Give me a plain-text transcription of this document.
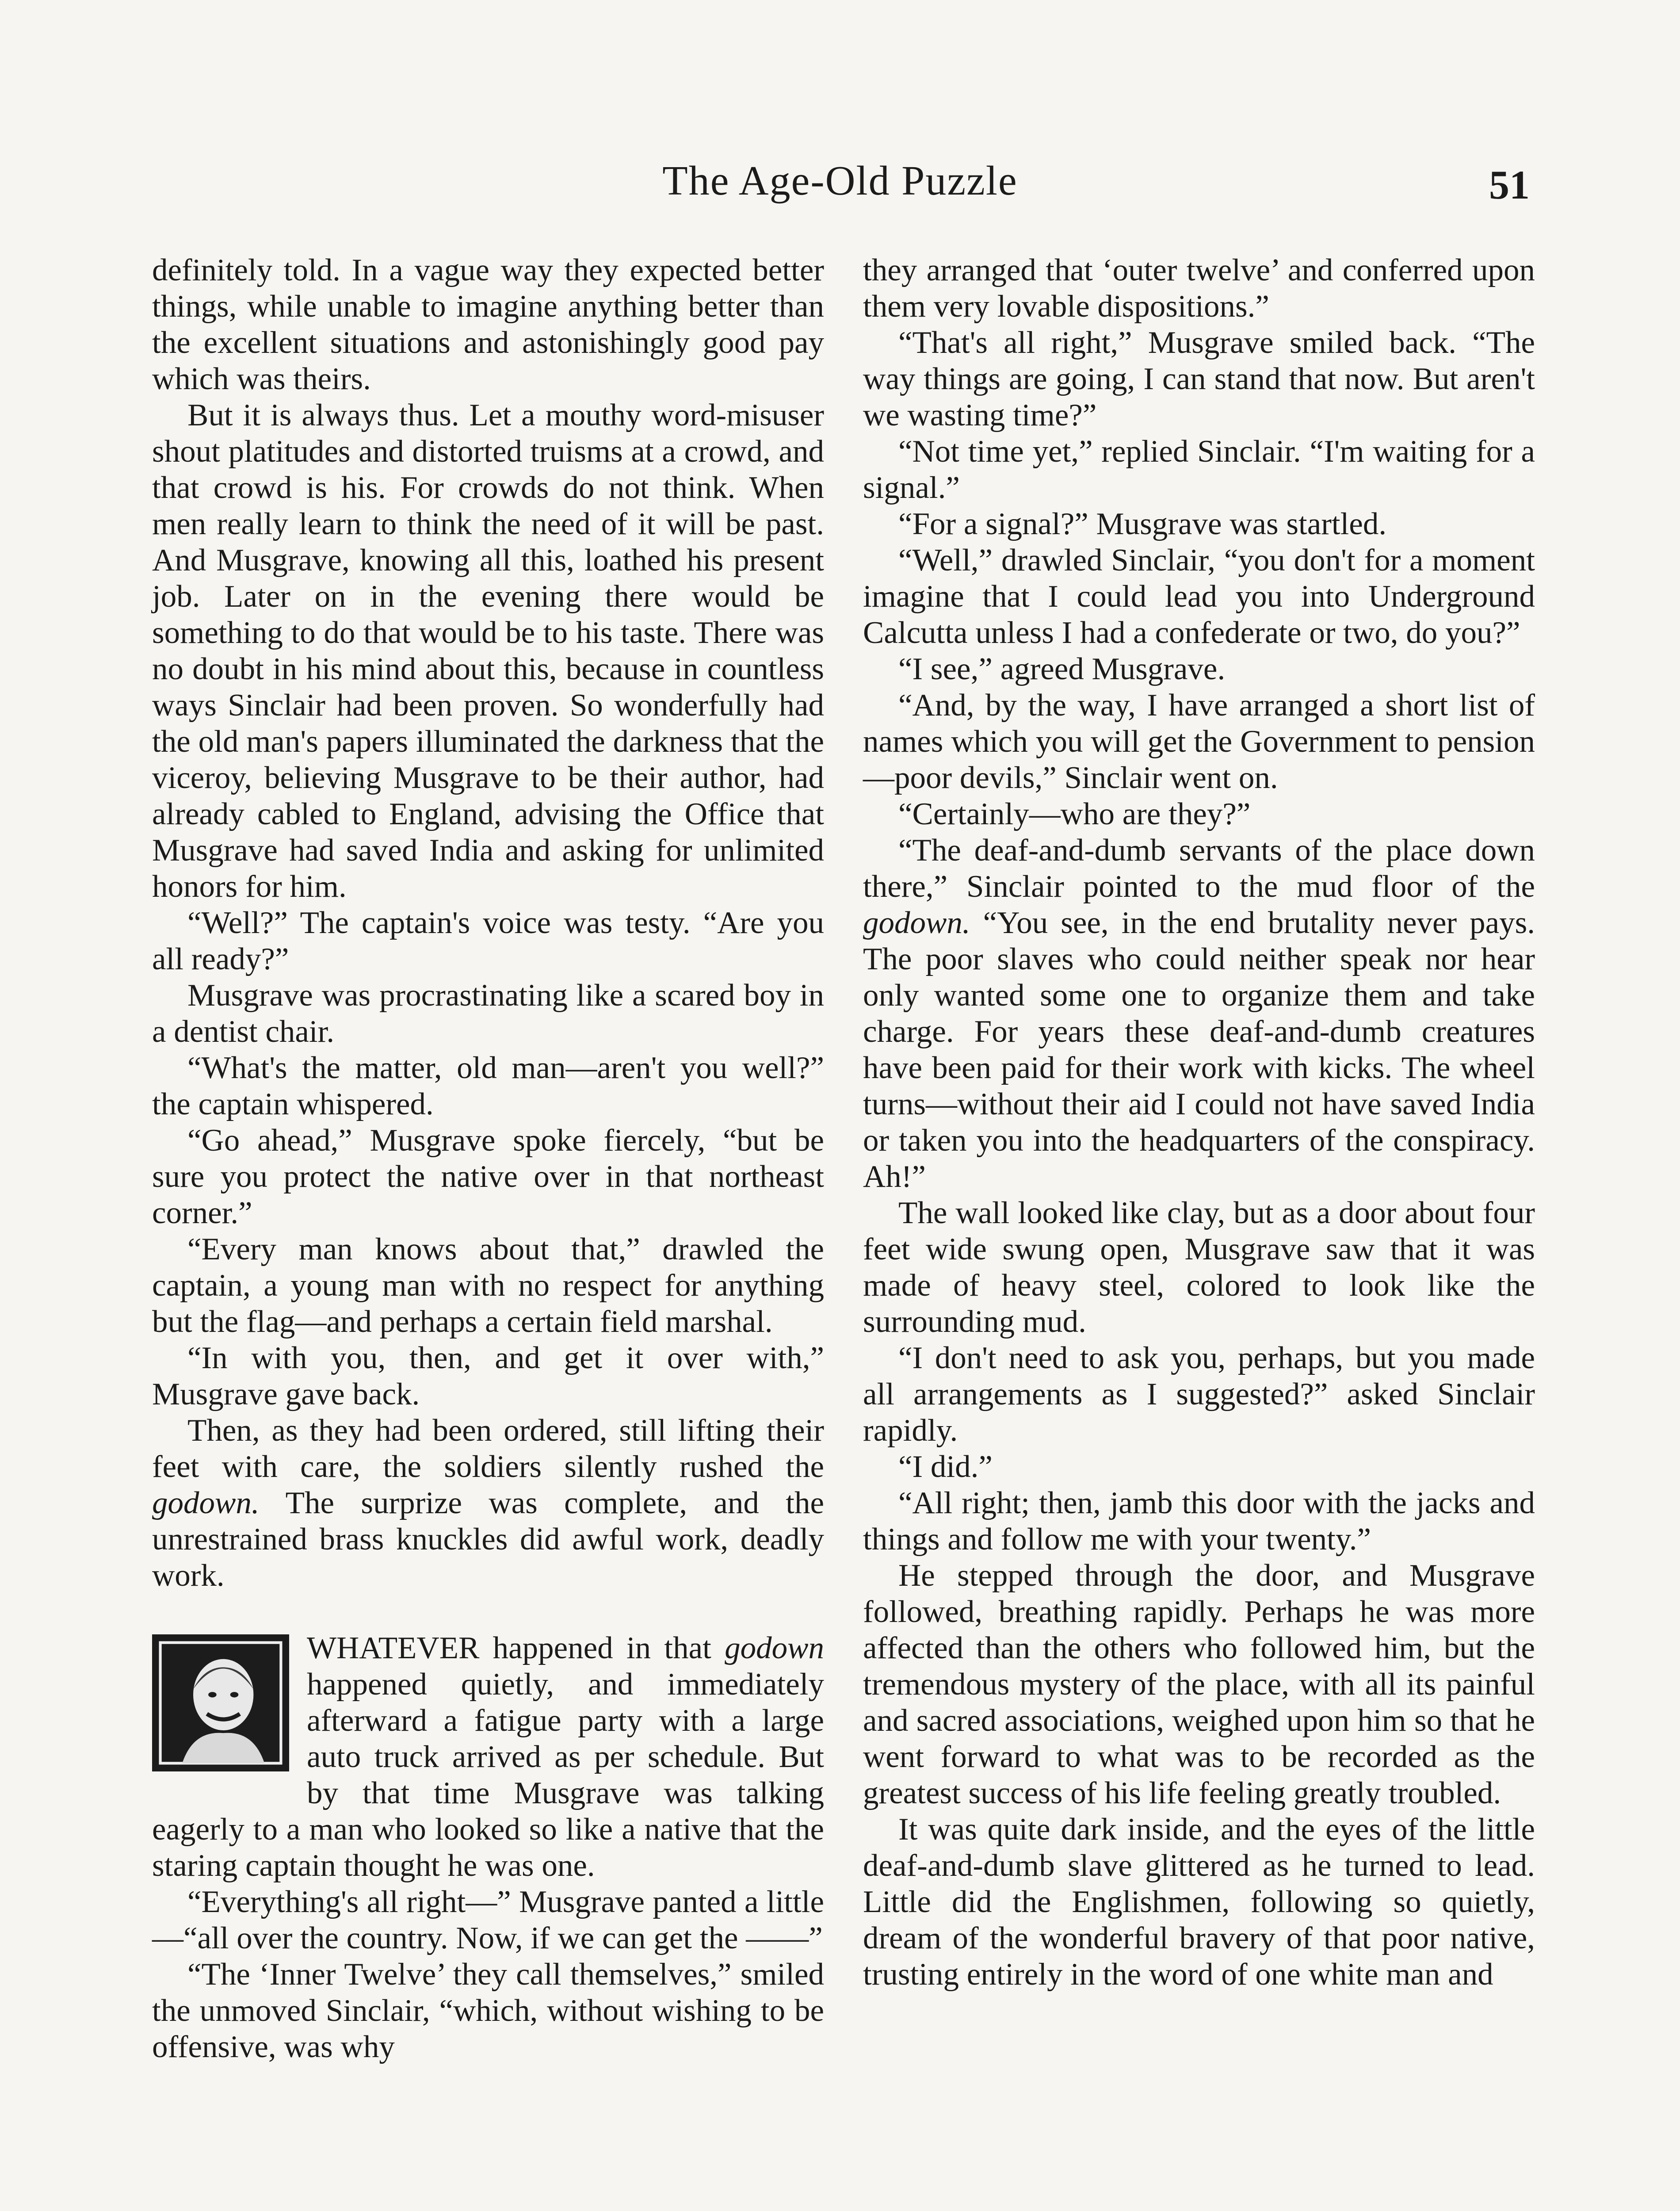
The Age-Old Puzzle	51

definitely told. In a vague way they expected better things, while unable to imagine anything better than the excellent situations and astonishingly good pay which was theirs.

But it is always thus. Let a mouthy word-misuser shout platitudes and distorted truisms at a crowd, and that crowd is his. For crowds do not think. When men really learn to think the need of it will be past. And Musgrave, knowing all this, loathed his present job. Later on in the evening there would be something to do that would be to his taste. There was no doubt in his mind about this, because in countless ways Sinclair had been proven. So wonderfully had the old man's papers illuminated the darkness that the viceroy, believing Musgrave to be their author, had already cabled to England, advising the Office that Musgrave had saved India and asking for unlimited honors for him.

“Well?” The captain's voice was testy. “Are you all ready?”

Musgrave was procrastinating like a scared boy in a dentist chair.

“What's the matter, old man—aren't you well?” the captain whispered.

“Go ahead,” Musgrave spoke fiercely, “but be sure you protect the native over in that northeast corner.”

“Every man knows about that,” drawled the captain, a young man with no respect for anything but the flag—and perhaps a certain field marshal.

“In with you, then, and get it over with,” Musgrave gave back.

Then, as they had been ordered, still lifting their feet with care, the soldiers silently rushed the godown. The surprize was complete, and the unrestrained brass knuckles did awful work, deadly work.

WHATEVER happened in that godown happened quietly, and immediately afterward a fatigue party with a large auto truck arrived as per schedule. But by that time Musgrave was talking eagerly to a man who looked so like a native that the staring captain thought he was one.

“Everything's all right—” Musgrave panted a little—“all over the country. Now, if we can get the ——”

“The ‘Inner Twelve’ they call themselves,” smiled the unmoved Sinclair, “which, without wishing to be offensive, was why

they arranged that ‘outer twelve’ and conferred upon them very lovable dispositions.”

“That's all right,” Musgrave smiled back. “The way things are going, I can stand that now. But aren't we wasting time?”

“Not time yet,” replied Sinclair. “I'm waiting for a signal.”

“For a signal?” Musgrave was startled.

“Well,” drawled Sinclair, “you don't for a moment imagine that I could lead you into Underground Calcutta unless I had a confederate or two, do you?”

“I see,” agreed Musgrave.

“And, by the way, I have arranged a short list of names which you will get the Government to pension—poor devils,” Sinclair went on.

“Certainly—who are they?”

“The deaf-and-dumb servants of the place down there,” Sinclair pointed to the mud floor of the godown. “You see, in the end brutality never pays. The poor slaves who could neither speak nor hear only wanted some one to organize them and take charge. For years these deaf-and-dumb creatures have been paid for their work with kicks. The wheel turns—without their aid I could not have saved India or taken you into the headquarters of the conspiracy. Ah!”

The wall looked like clay, but as a door about four feet wide swung open, Musgrave saw that it was made of heavy steel, colored to look like the surrounding mud.

“I don't need to ask you, perhaps, but you made all arrangements as I suggested?” asked Sinclair rapidly.

“I did.”

“All right; then, jamb this door with the jacks and things and follow me with your twenty.”

He stepped through the door, and Musgrave followed, breathing rapidly. Perhaps he was more affected than the others who followed him, but the tremendous mystery of the place, with all its painful and sacred associations, weighed upon him so that he went forward to what was to be recorded as the greatest success of his life feeling greatly troubled.

It was quite dark inside, and the eyes of the little deaf-and-dumb slave glittered as he turned to lead. Little did the Englishmen, following so quietly, dream of the wonderful bravery of that poor native, trusting entirely in the word of one white man and
